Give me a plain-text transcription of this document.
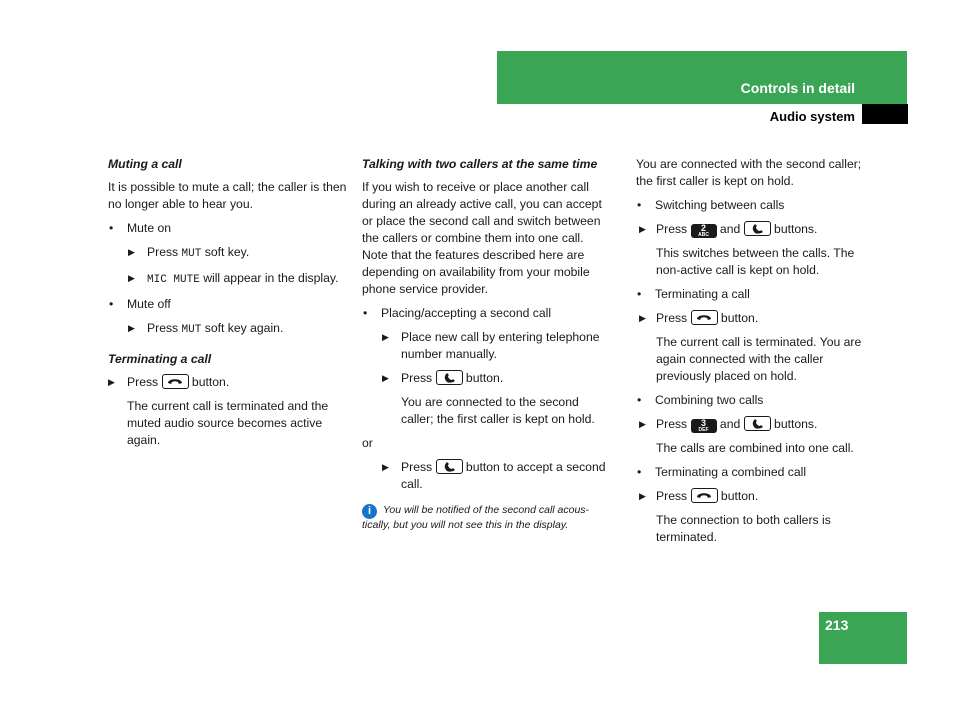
Controls in detail
Audio system
Muting a call

It is possible to mute a call; the caller is then no longer able to hear you.

• Mute on
▶ Press MUT soft key.
▶ MIC MUTE will appear in the display.
• Mute off
▶ Press MUT soft key again.
Terminating a call
▶ Press
button.
The current call is terminated and the muted audio source becomes active again.
Talking with two callers at the same time

If you wish to receive or place another call during an already active call, you can accept or place the second call and switch between the callers or combine them into one call. Note that the features described here are depending on availability from your mobile phone service provider.

• Placing/accepting a second call
▶ Place new call by entering telephone number manually.
▶ Press
button.
You are connected to the second caller; the first caller is kept on hold.

or

▶ Press
button to accept a second call.
i	You will be notified of the second call acous-tically, but you will not see this in the display.

You are connected with the second caller; the first caller is kept on hold.

• Switching between calls
▶ Press 2
ABC and
buttons.
This switches between the calls. The non-active call is kept on hold.
• Terminating a call
▶ Press
button.
The current call is terminated. You are again connected with the caller previously placed on hold.
• Combining two calls
▶ Press 3
DEF and
buttons.
The calls are combined into one call.
• Terminating a combined call
▶ Press
button.
The connection to both callers is terminated.
213
